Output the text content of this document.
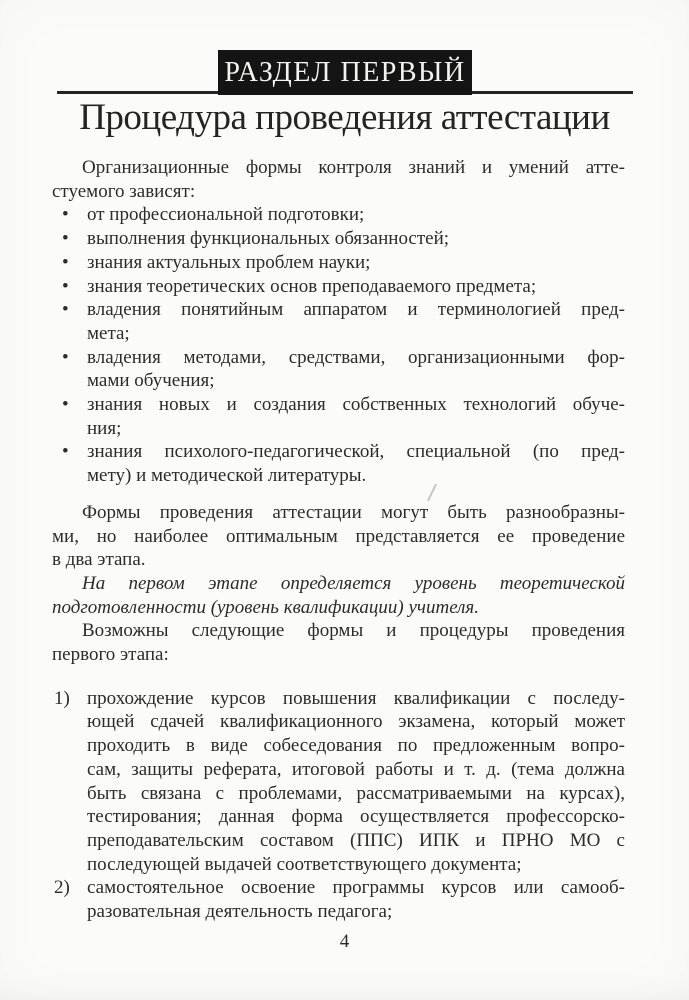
РАЗДЕЛ ПЕРВЫЙ
Процедура проведения аттестации

Организационные формы контроля знаний и умений атте-
стуемого зависят:

• от профессиональной подготовки;
• выполнения функциональных обязанностей;
• знания актуальных проблем науки;
• знания теоретических основ преподаваемого предмета;
• владения понятийным аппаратом и терминологией пред-
мета;
• владения методами, средствами, организационными фор-
мами обучения;
• знания новых и создания собственных технологий обуче-
ния;
• знания психолого-педагогической, специальной (по пред-
мету) и методической литературы.

Формы проведения аттестации могут быть разнообразны-
ми, но наиболее оптимальным представляется ее проведение
в два этапа.

На первом этапе определяется уровень теоретической
подготовленности (уровень квалификации) учителя.

Возможны следующие формы и процедуры проведения
первого этапа:

1) прохождение курсов повышения квалификации с последу-
ющей сдачей квалификационного экзамена, который может
проходить в виде собеседования по предложенным вопро-
сам, защиты реферата, итоговой работы и т. д. (тема должна
быть связана с проблемами, рассматриваемыми на курсах),
тестирования; данная форма осуществляется профессорско-
преподавательским составом (ППС) ИПК и ПРНО МО с
последующей выдачей соответствующего документа;
2) самостоятельное освоение программы курсов или самооб-
разовательная деятельность педагога;
4
